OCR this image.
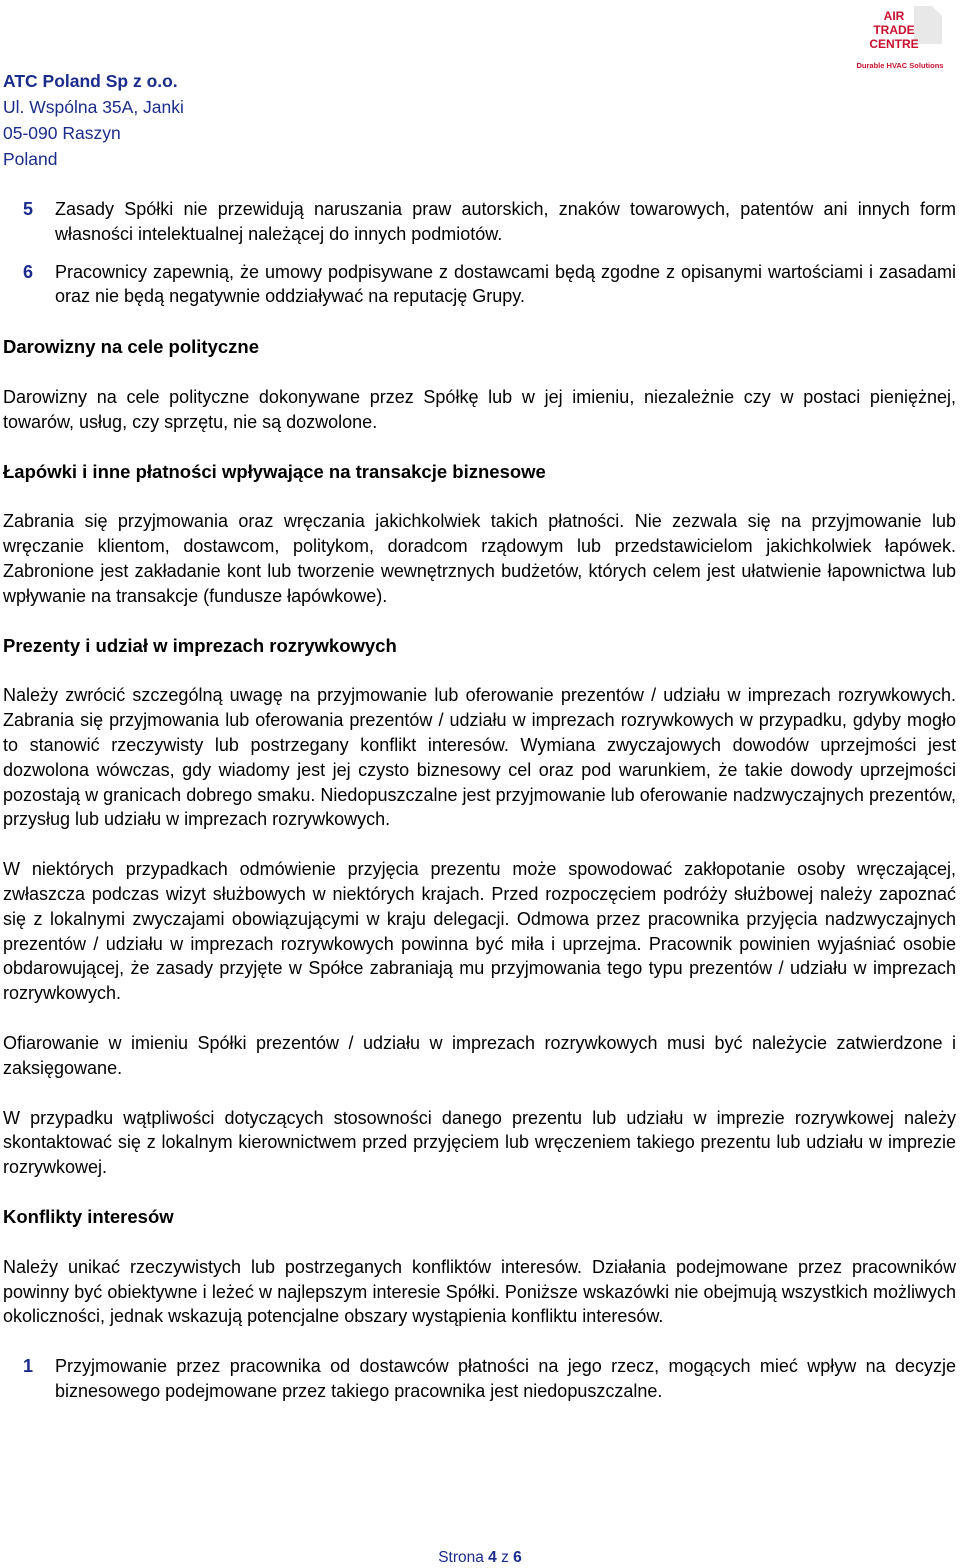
AIR
TRADE
CENTRE
Durable HVAC Solutions
ATC Poland Sp z o.o.
Ul. Wspólna 35A, Janki
05-090 Raszyn
Poland
5	Zasady Spółki nie przewidują naruszania praw autorskich, znaków towarowych, patentów ani innych form własności intelektualnej należącej do innych podmiotów.
6	Pracownicy zapewnią, że umowy podpisywane z dostawcami będą zgodne z opisanymi wartościami i zasadami oraz nie będą negatywnie oddziaływać na reputację Grupy.
Darowizny na cele polityczne

Darowizny na cele polityczne dokonywane przez Spółkę lub w jej imieniu, niezależnie czy w postaci pieniężnej, towarów, usług, czy sprzętu, nie są dozwolone.

Łapówki i inne płatności wpływające na transakcje biznesowe

Zabrania się przyjmowania oraz wręczania jakichkolwiek takich płatności. Nie zezwala się na przyjmowanie lub wręczanie klientom, dostawcom, politykom, doradcom rządowym lub przedstawicielom jakichkolwiek łapówek. Zabronione jest zakładanie kont lub tworzenie wewnętrznych budżetów, których celem jest ułatwienie łapownictwa lub wpływanie na transakcje (fundusze łapówkowe).

Prezenty i udział w imprezach rozrywkowych

Należy zwrócić szczególną uwagę na przyjmowanie lub oferowanie prezentów / udziału w imprezach rozrywkowych. Zabrania się przyjmowania lub oferowania prezentów / udziału w imprezach rozrywkowych w przypadku, gdyby mogło to stanowić rzeczywisty lub postrzegany konflikt interesów. Wymiana zwyczajowych dowodów uprzejmości jest dozwolona wówczas, gdy wiadomy jest jej czysto biznesowy cel oraz pod warunkiem, że takie dowody uprzejmości pozostają w granicach dobrego smaku. Niedopuszczalne jest przyjmowanie lub oferowanie nadzwyczajnych prezentów, przysług lub udziału w imprezach rozrywkowych.

W niektórych przypadkach odmówienie przyjęcia prezentu może spowodować zakłopotanie osoby wręczającej, zwłaszcza podczas wizyt służbowych w niektórych krajach. Przed rozpoczęciem podróży służbowej należy zapoznać się z lokalnymi zwyczajami obowiązującymi w kraju delegacji. Odmowa przez pracownika przyjęcia nadzwyczajnych prezentów / udziału w imprezach rozrywkowych powinna być miła i uprzejma. Pracownik powinien wyjaśniać osobie obdarowującej, że zasady przyjęte w Spółce zabraniają mu przyjmowania tego typu prezentów / udziału w imprezach rozrywkowych.

Ofiarowanie w imieniu Spółki prezentów / udziału w imprezach rozrywkowych musi być należycie zatwierdzone i zaksięgowane.

W przypadku wątpliwości dotyczących stosowności danego prezentu lub udziału w imprezie rozrywkowej należy skontaktować się z lokalnym kierownictwem przed przyjęciem lub wręczeniem takiego prezentu lub udziału w imprezie rozrywkowej.

Konflikty interesów

Należy unikać rzeczywistych lub postrzeganych konfliktów interesów. Działania podejmowane przez pracowników powinny być obiektywne i leżeć w najlepszym interesie Spółki. Poniższe wskazówki nie obejmują wszystkich możliwych okoliczności, jednak wskazują potencjalne obszary wystąpienia konfliktu interesów.

1	Przyjmowanie przez pracownika od dostawców płatności na jego rzecz, mogących mieć wpływ na decyzje biznesowego podejmowane przez takiego pracownika jest niedopuszczalne.
Strona 4 z 6
